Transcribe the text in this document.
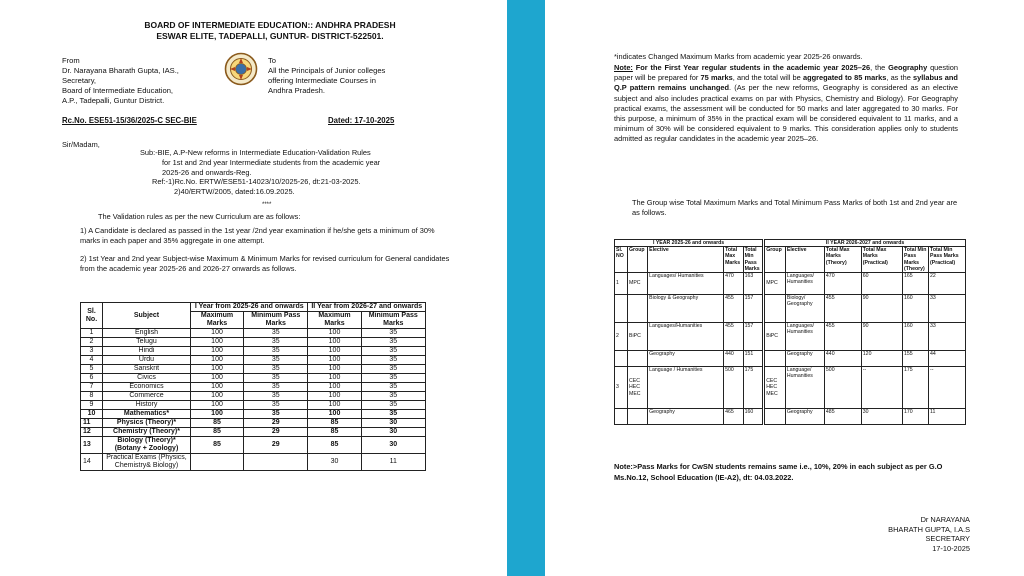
BOARD OF INTERMEDIATE EDUCATION:: ANDHRA PRADESH
ESWAR ELITE, TADEPALLI, GUNTUR- DISTRICT-522501.
From
Dr. Narayana Bharath Gupta, IAS.,
Secretary,
Board of Intermediate Education,
A.P., Tadepalli, Guntur District.
To
All the Principals of Junior colleges
offering Intermediate Courses in
Andhra Pradesh.
Rc.No. ESE51-15/36/2025-C SEC-BIE	Dated: 17-10-2025
Sir/Madam,
Sub:-BIE, A.P-New reforms in Intermediate Education-Validation Rules
for 1st and 2nd year Intermediate students from the academic year
2025-26 and onwards-Reg.
Ref:-1)Rc.No. ERTW/ESE51-14023/10/2025-26, dt:21-03-2025.
2)40/ERTW/2005, dated:16.09.2025.
****
The Validation rules as per the new Curriculum are as follows:
1) A Candidate is declared as passed in the 1st year /2nd year examination if he/she gets a minimum of 30% marks in each paper and 35% aggregate in one attempt.
2) 1st Year and 2nd year Subject-wise Maximum & Minimum Marks for revised curriculum for General candidates from the academic year 2025-26 and 2026-27 onwards as follows.
Sl. No.	Subject	I Year from 2025-26 and onwards		II Year from 2026-27 and onwards	
		Maximum Marks	Minimum Pass Marks	Maximum Marks	Minimum Pass Marks
1	English	100	35	100	35
2	Telugu	100	35	100	35
3	Hindi	100	35	100	35
4	Urdu	100	35	100	35
5	Sanskrit	100	35	100	35
6	Civics	100	35	100	35
7	Economics	100	35	100	35
8	Commerce	100	35	100	35
9	History	100	35	100	35
10	Mathematics*	100	35	100	35
11	Physics (Theory)*	85	29	85	30
12	Chemistry (Theory)*	85	29	85	30
13	Biology (Theory)* (Botany + Zoology)	85	29	85	30
14	Practical Exams (Physics, Chemistry& Biology)			30	11
*indicates Changed Maximum Marks from academic year 2025-26 onwards.
Note: For the First Year regular students in the academic year 2025–26, the Geography question paper will be prepared for 75 marks, and the total will be aggregated to 85 marks, as the syllabus and Q.P pattern remains unchanged. (As per the new reforms, Geography is considered as an elective subject and also includes practical exams on par with Physics, Chemistry and Biology). For Geography practical exams, the assessment will be conducted for 50 marks and later aggregated to 30 marks. For this purpose, a minimum of 35% in the practical exam will be considered equivalent to 11 marks, and a minimum of 30% will be considered equivalent to 9 marks. This consideration applies only to students admitted as regular candidates in the academic year 2025–26.
The Group wise Total Maximum Marks and Total Minimum Pass Marks of both 1st and 2nd year are as follows.
I YEAR 2025-26 and onwards					II YEAR 2026-2027 and onwards					
Sl. NO	Group	Elective	Total Max Marks	Total Min Pass Marks	Group	Elective	Total Max Marks (Theory)	Total Max Marks (Practical)	Total Min Pass Marks (Theory)	Total Min Pass Marks (Practical)
1	MPC	Languages/ Humanities	470	163	MPC	Languages/ Humanities	470	60	165	22
		Biology & Geography	455	157		Biology/ Geography	455	90	160	33
2	BiPC	Languages/Humanities	455	157	BiPC	Languages/ Humanities	455	90	160	33
		Geography	440	151		Geography	440	120	155	44
3	CEC HEC MEC	Language / Humanities	500	175	CEC HEC MEC	Language/ Humanities	500	--	175	--
		Geography	465	160		Geography	485	30	170	11
Note:>Pass Marks for CwSN students remains same i.e., 10%, 20% in each subject as per G.O Ms.No.12, School Education (IE-A2), dt: 04.03.2022.
Dr NARAYANA
BHARATH GUPTA, I.A.S
SECRETARY
17-10-2025
